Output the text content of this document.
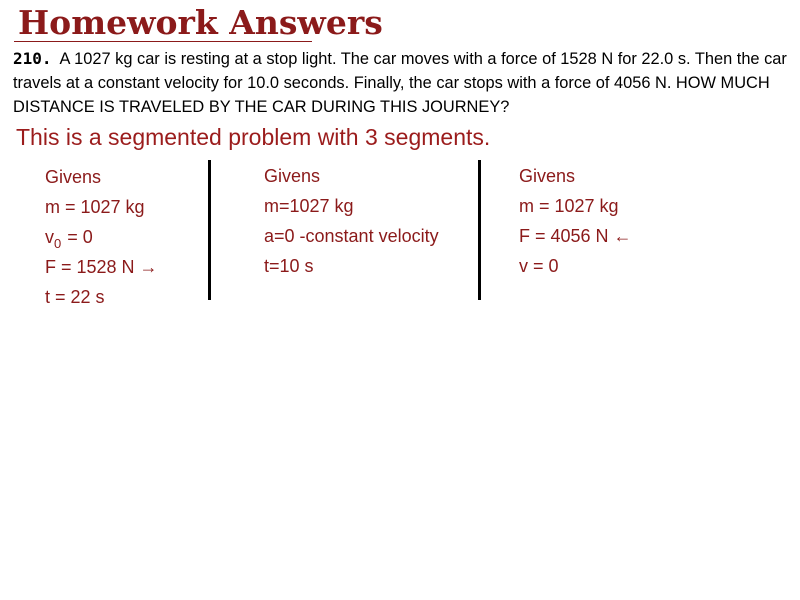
Homework Answers

210. A 1027 kg car is resting at a stop light. The car moves with a force of 1528 N for 22.0 s. Then the car travels at a constant velocity for 10.0 seconds. Finally, the car stops with a force of 4056 N. HOW MUCH DISTANCE IS TRAVELED BY THE CAR DURING THIS JOURNEY?

This is a segmented problem with 3 segments.
Givens
m = 1027 kg
$v_0 = 0$
F = 1528 N →
t = 22 s
Givens
m=1027 kg
a=0 -constant velocity
t=10 s
Givens
m = 1027 kg
F = 4056 N ←
v = 0
